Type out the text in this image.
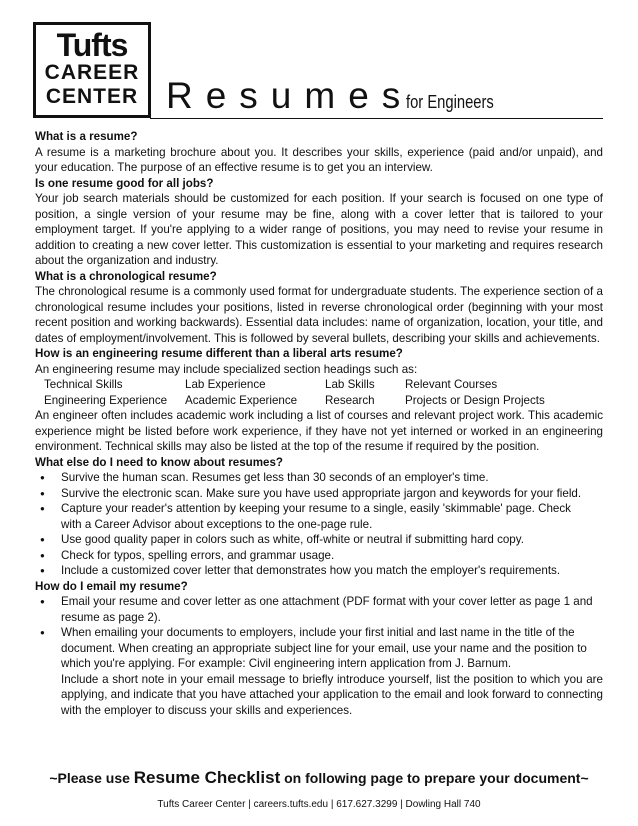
Tufts
CAREER
CENTER Resumes
for Engineers
What is a resume?

A resume is a marketing brochure about you. It describes your skills, experience (paid and/or unpaid), and your education. The purpose of an effective resume is to get you an interview.

Is one resume good for all jobs?

Your job search materials should be customized for each position. If your search is focused on one type of position, a single version of your resume may be fine, along with a cover letter that is tailored to your employment target. If you're applying to a wider range of positions, you may need to revise your resume in addition to creating a new cover letter. This customization is essential to your marketing and requires research about the organization and industry.

What is a chronological resume?

The chronological resume is a commonly used format for undergraduate students. The experience section of a chronological resume includes your positions, listed in reverse chronological order (beginning with your most recent position and working backwards). Essential data includes: name of organization, location, your title, and dates of employment/involvement. This is followed by several bullets, describing your skills and achievements.

How is an engineering resume different than a liberal arts resume?

An engineering resume may include specialized section headings such as:

Technical Skills	Lab Experience	Lab Skills	Relevant Courses
Engineering Experience	Academic Experience	Research	Projects or Design Projects

An engineer often includes academic work including a list of courses and relevant project work. This academic experience might be listed before work experience, if they have not yet interned or worked in an engineering environment. Technical skills may also be listed at the top of the resume if required by the position.

What else do I need to know about resumes?
● Survive the human scan. Resumes get less than 30 seconds of an employer's time.
● Survive the electronic scan. Make sure you have used appropriate jargon and keywords for your field.
● Capture your reader's attention by keeping your resume to a single, easily 'skimmable' page. Check
with a Career Advisor about exceptions to the one-page rule.
● Use good quality paper in colors such as white, off-white or neutral if submitting hard copy.
● Check for typos, spelling errors, and grammar usage.
● Include a customized cover letter that demonstrates how you match the employer's requirements.
How do I email my resume?
● Email your resume and cover letter as one attachment (PDF format with your cover letter as page 1 and resume as page 2).
● When emailing your documents to employers, include your first initial and last name in the title of the document. When creating an appropriate subject line for your email, use your name and the position to which you're applying. For example: Civil engineering intern application from J. Barnum.

Include a short note in your email message to briefly introduce yourself, list the position to which you are applying, and indicate that you have attached your application to the email and look forward to connecting with the employer to discuss your skills and experiences.

~Please use Resume Checklist on following page to prepare your document~
Tufts Career Center | careers.tufts.edu | 617.627.3299 | Dowling Hall 740
